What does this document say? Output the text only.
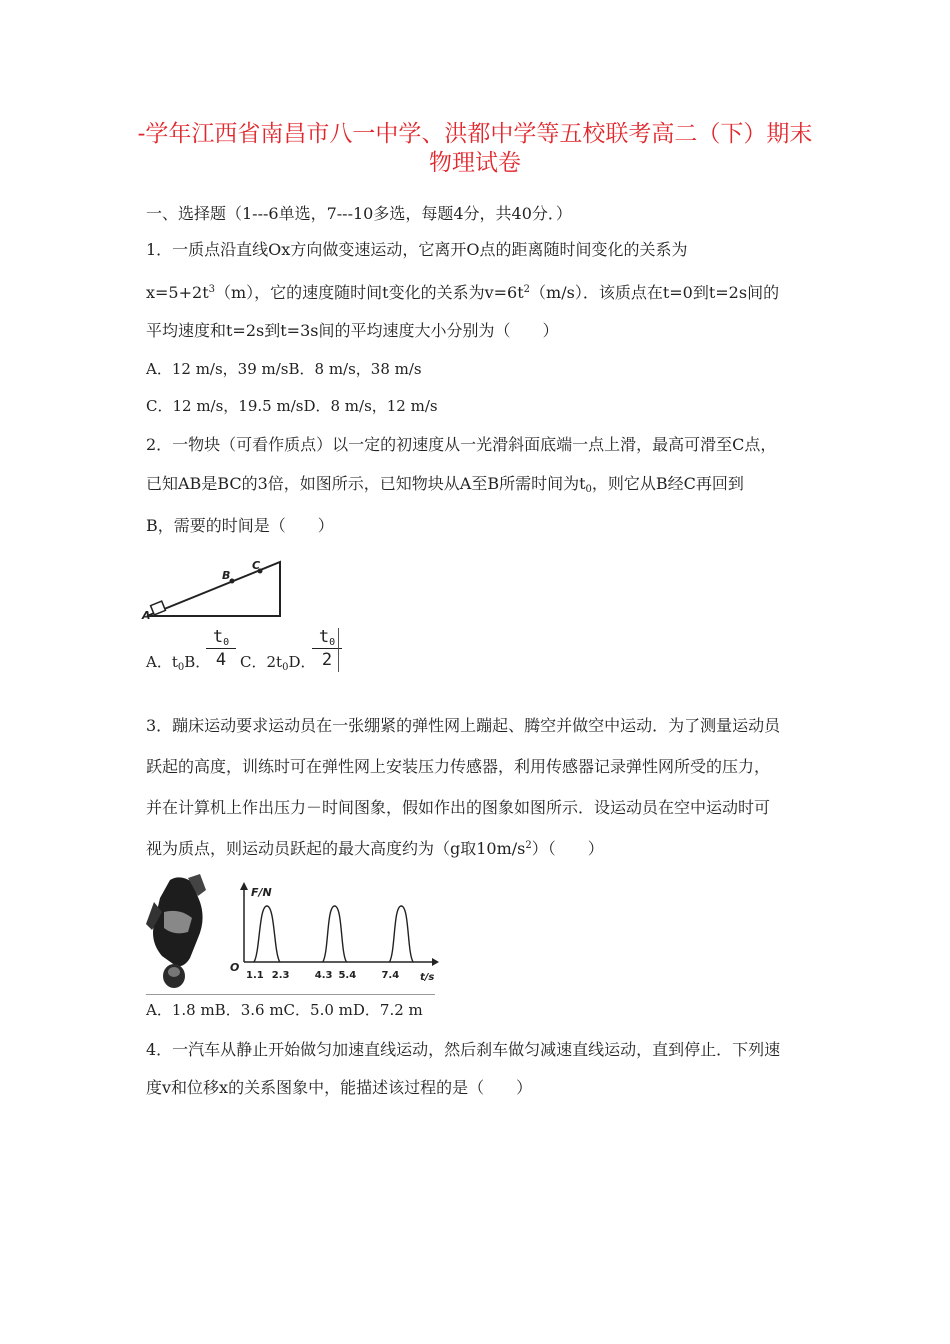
-学年江西省南昌市八一中学、洪都中学等五校联考高二（下）期末
物理试卷
一、选择题（1---6单选，7---10多选，每题4分，共40分．）
1．一质点沿直线Ox方向做变速运动，它离开O点的距离随时间变化的关系为
$x=5+2t^3(m)$，它的速度随时间t变化的关系为$v=6t^2(m/s)$．该质点在t=0到t=2s间的
平均速度和t=2s到t=3s间的平均速度大小分别为（　　）
A．12 m/s，39 m/sB．8 m/s，38 m/s
C．12 m/s，19.5 m/sD．8 m/s，12 m/s
2．一物块（可看作质点）以一定的初速度从一光滑斜面底端一点上滑，最高可滑至C点，
已知AB是BC的3倍，如图所示，已知物块从A至B所需时间为$t_0$，则它从B经C再回到
B，需要的时间是（　　）
A
B
C
A．$t_0B$．
$t_0$
4 C．$2t_0D$．
$t_0$
2
3．蹦床运动要求运动员在一张绷紧的弹性网上蹦起、腾空并做空中运动．为了测量运动员
跃起的高度，训练时可在弹性网上安装压力传感器，利用传感器记录弹性网所受的压力，
并在计算机上作出压力－时间图象，假如作出的图象如图所示．设运动员在空中运动时可
视为质点，则运动员跃起的最大高度约为（g取$10m/s^2$）（　　）
1.1 2.3	4.3 5.4	7.4
F/N
t/s
O
A．1.8 mB．3.6 mC．5.0 mD．7.2 m
4．一汽车从静止开始做匀加速直线运动，然后刹车做匀减速直线运动，直到停止．下列速
度v和位移x的关系图象中，能描述该过程的是（　　）
